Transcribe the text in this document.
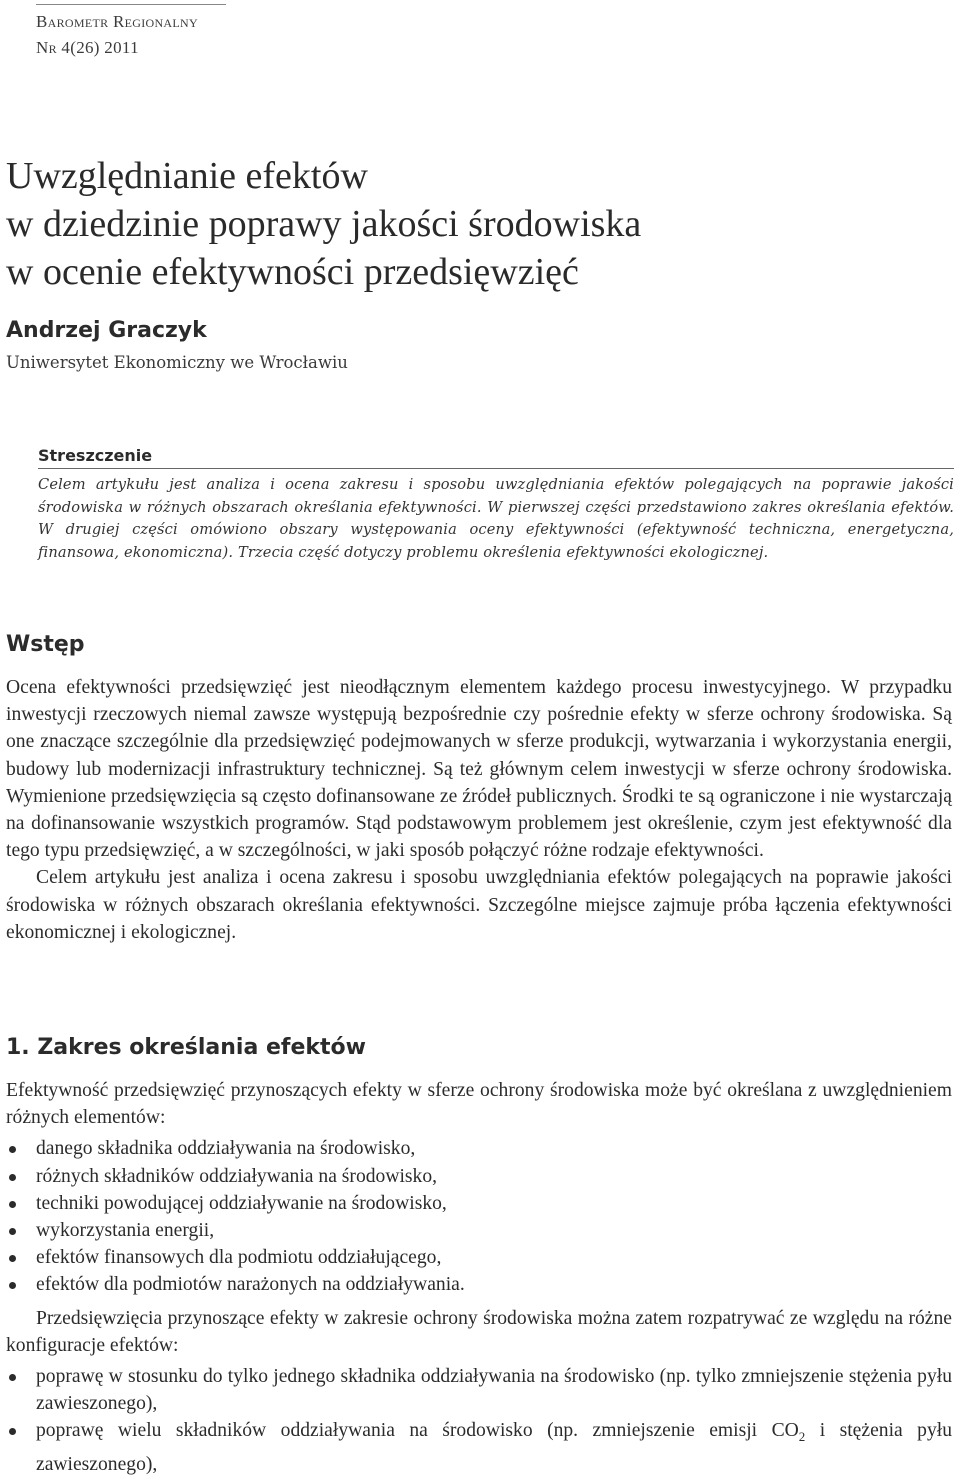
Barometr Regionalny
Nr 4(26) 2011
Uwzględnianie efektów
w dziedzinie poprawy jakości środowiska
w ocenie efektywności przedsięwzięć
Andrzej Graczyk
Uniwersytet Ekonomiczny we Wrocławiu
Streszczenie
Celem artykułu jest analiza i ocena zakresu i sposobu uwzględniania efektów polegających na poprawie jakości środowiska w różnych obszarach określania efektywności. W pierwszej części przedstawiono zakres określania efektów. W drugiej części omówiono obszary występowania oceny efektywności (efektywność techniczna, energetyczna, finansowa, ekonomiczna). Trzecia część dotyczy problemu określenia efektywności ekologicznej.
Wstęp

Ocena efektywności przedsięwzięć jest nieodłącznym elementem każdego procesu inwestycyjnego. W przypadku inwestycji rzeczowych niemal zawsze występują bezpośrednie czy pośrednie efekty w sferze ochrony środowiska. Są one znaczące szczególnie dla przedsięwzięć podejmowanych w sferze produkcji, wytwarzania i wykorzystania energii, budowy lub modernizacji infrastruktury technicznej. Są też głównym celem inwestycji w sferze ochrony środowiska. Wymienione przedsięwzięcia są często dofinansowane ze źródeł publicznych. Środki te są ograniczone i nie wystarczają na dofinansowanie wszystkich programów. Stąd podstawowym problemem jest określenie, czym jest efektywność dla tego typu przedsięwzięć, a w szczególności, w jaki sposób połączyć różne rodzaje efektywności.

Celem artykułu jest analiza i ocena zakresu i sposobu uwzględniania efektów polegających na poprawie jakości środowiska w różnych obszarach określania efektywności. Szczególne miejsce zajmuje próba łączenia efektywności ekonomicznej i ekologicznej.

1. Zakres określania efektów

Efektywność przedsięwzięć przynoszących efekty w sferze ochrony środowiska może być określana z uwzględnieniem różnych elementów:

danego składnika oddziaływania na środowisko,
różnych składników oddziaływania na środowisko,
techniki powodującej oddziaływanie na środowisko,
wykorzystania energii,
efektów finansowych dla podmiotu oddziałującego,
efektów dla podmiotów narażonych na oddziaływania.

Przedsięwzięcia przynoszące efekty w zakresie ochrony środowiska można zatem rozpatrywać ze względu na różne konfiguracje efektów:

poprawę w stosunku do tylko jednego składnika oddziaływania na środowisko (np. tylko zmniejszenie stężenia pyłu zawieszonego),
poprawę wielu składników oddziaływania na środowisko (np. zmniejszenie emisji $CO_2$ i stężenia pyłu zawieszonego),
